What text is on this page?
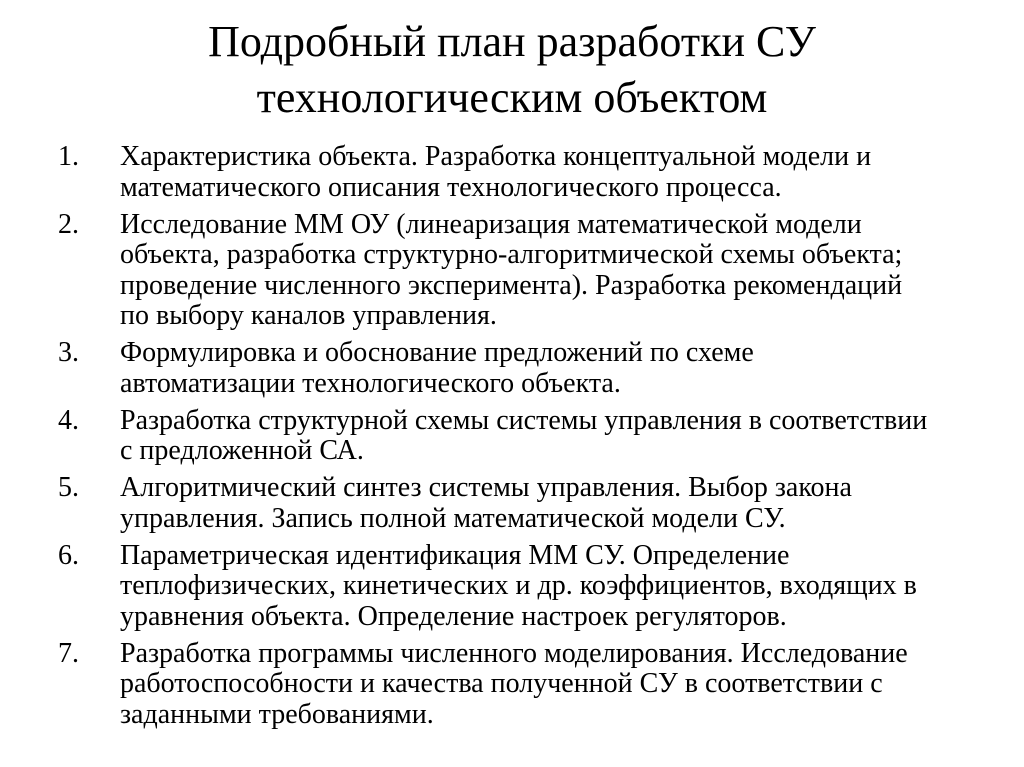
Подробный план разработки СУ
технологическим объектом
1. Характеристика объекта. Разработка концептуальной модели и
математического описания технологического процесса.
2. Исследование ММ ОУ (линеаризация математической модели
объекта, разработка структурно-алгоритмической схемы объекта;
проведение численного эксперимента). Разработка рекомендаций
по выбору каналов управления.
3. Формулировка и обоснование предложений по схеме
автоматизации технологического объекта.
4. Разработка структурной схемы системы управления в соответствии
с предложенной СА.
5. Алгоритмический синтез системы управления. Выбор закона
управления. Запись полной математической модели СУ.
6. Параметрическая идентификация ММ СУ. Определение
теплофизических, кинетических и др. коэффициентов, входящих в
уравнения объекта. Определение настроек регуляторов.
7. Разработка программы численного моделирования. Исследование
работоспособности и качества полученной СУ в соответствии с
заданными требованиями.
